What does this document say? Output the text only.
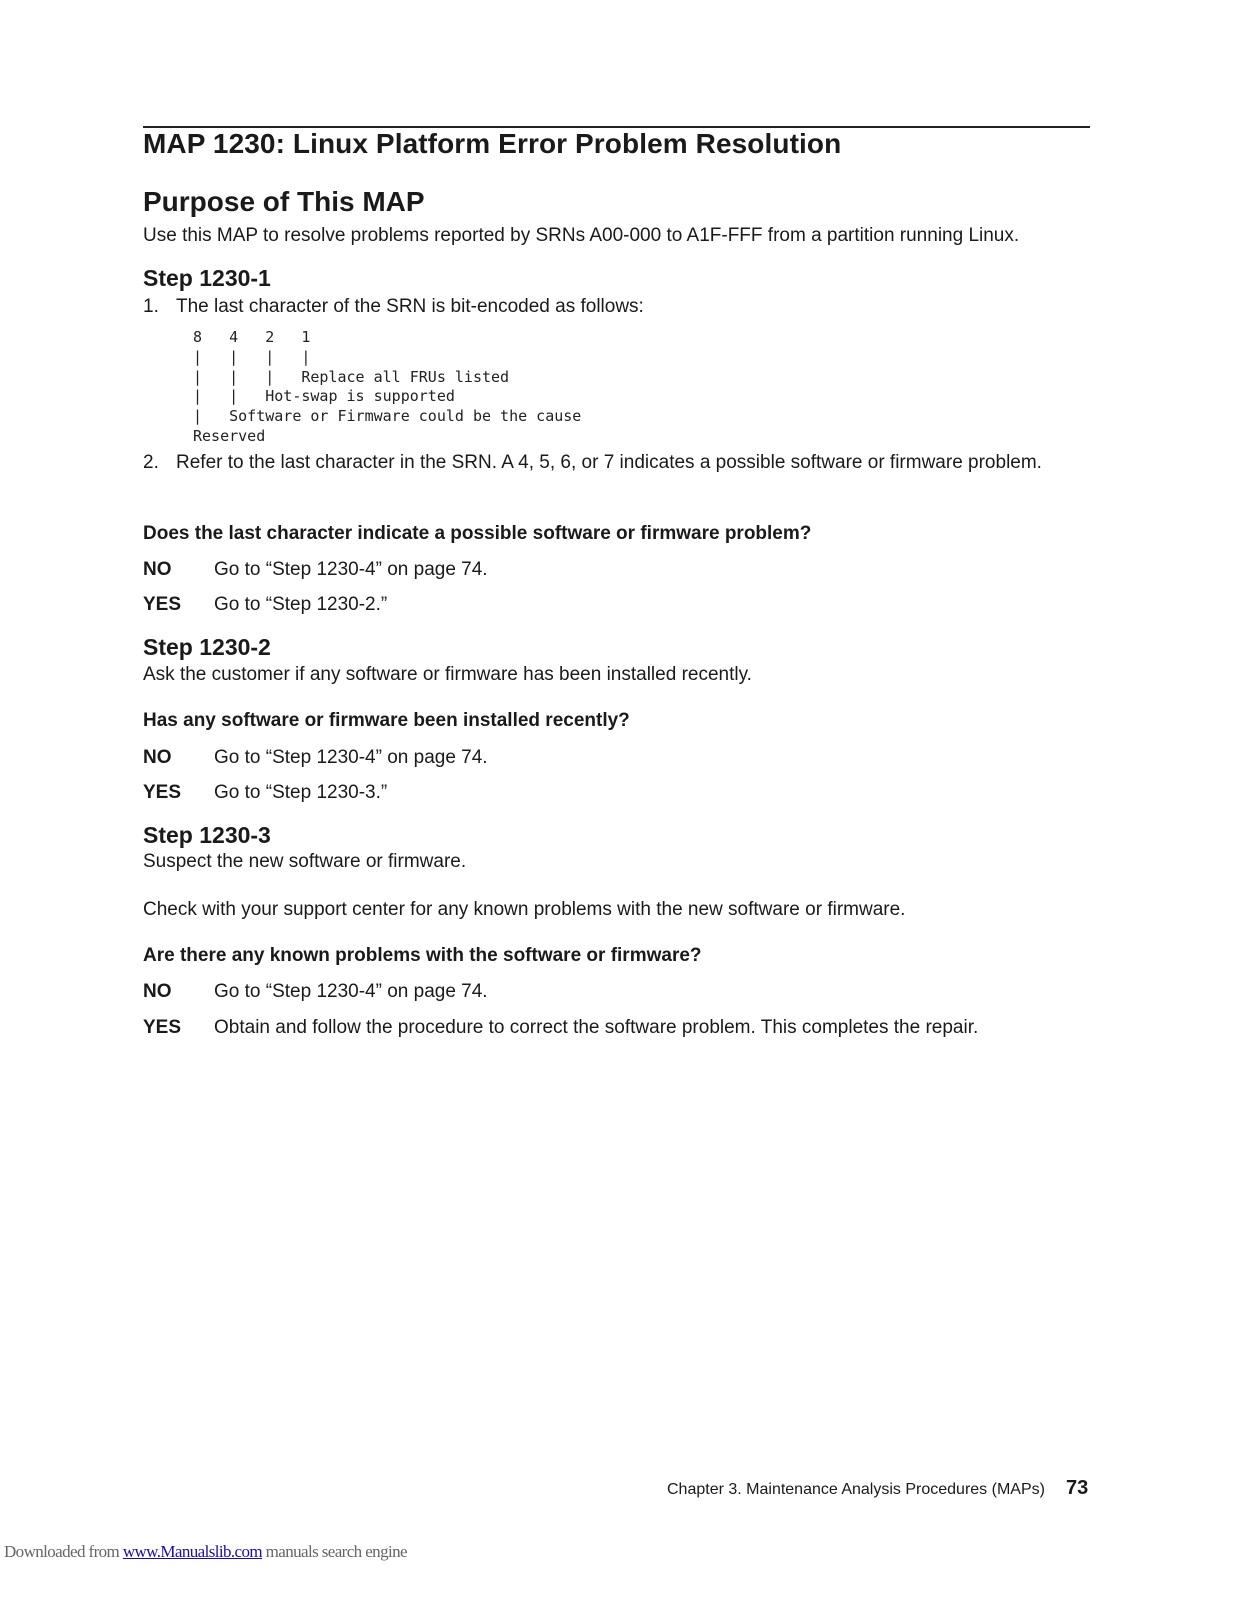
MAP 1230: Linux Platform Error Problem Resolution
Purpose of This MAP

Use this MAP to resolve problems reported by SRNs A00-000 to A1F-FFF from a partition running Linux.

Step 1230-1
1. The last character of the SRN is bit-encoded as follows:
8   4   2   1
|   |   |   |
|   |   |   Replace all FRUs listed
|   |   Hot-swap is supported
|   Software or Firmware could be the cause
Reserved
2. Refer to the last character in the SRN. A 4, 5, 6, or 7 indicates a possible software or firmware problem.

Does the last character indicate a possible software or firmware problem?

NO Go to “Step 1230-4” on page 74.
YES Go to “Step 1230-2.”
Step 1230-2

Ask the customer if any software or firmware has been installed recently.

Has any software or firmware been installed recently?

NO Go to “Step 1230-4” on page 74.
YES Go to “Step 1230-3.”
Step 1230-3

Suspect the new software or firmware.

Check with your support center for any known problems with the new software or firmware.

Are there any known problems with the software or firmware?

NO Go to “Step 1230-4” on page 74.
YES Obtain and follow the procedure to correct the software problem. This completes the repair.
Chapter 3. Maintenance Analysis Procedures (MAPs) 73
Downloaded from www.Manualslib.com manuals search engine
